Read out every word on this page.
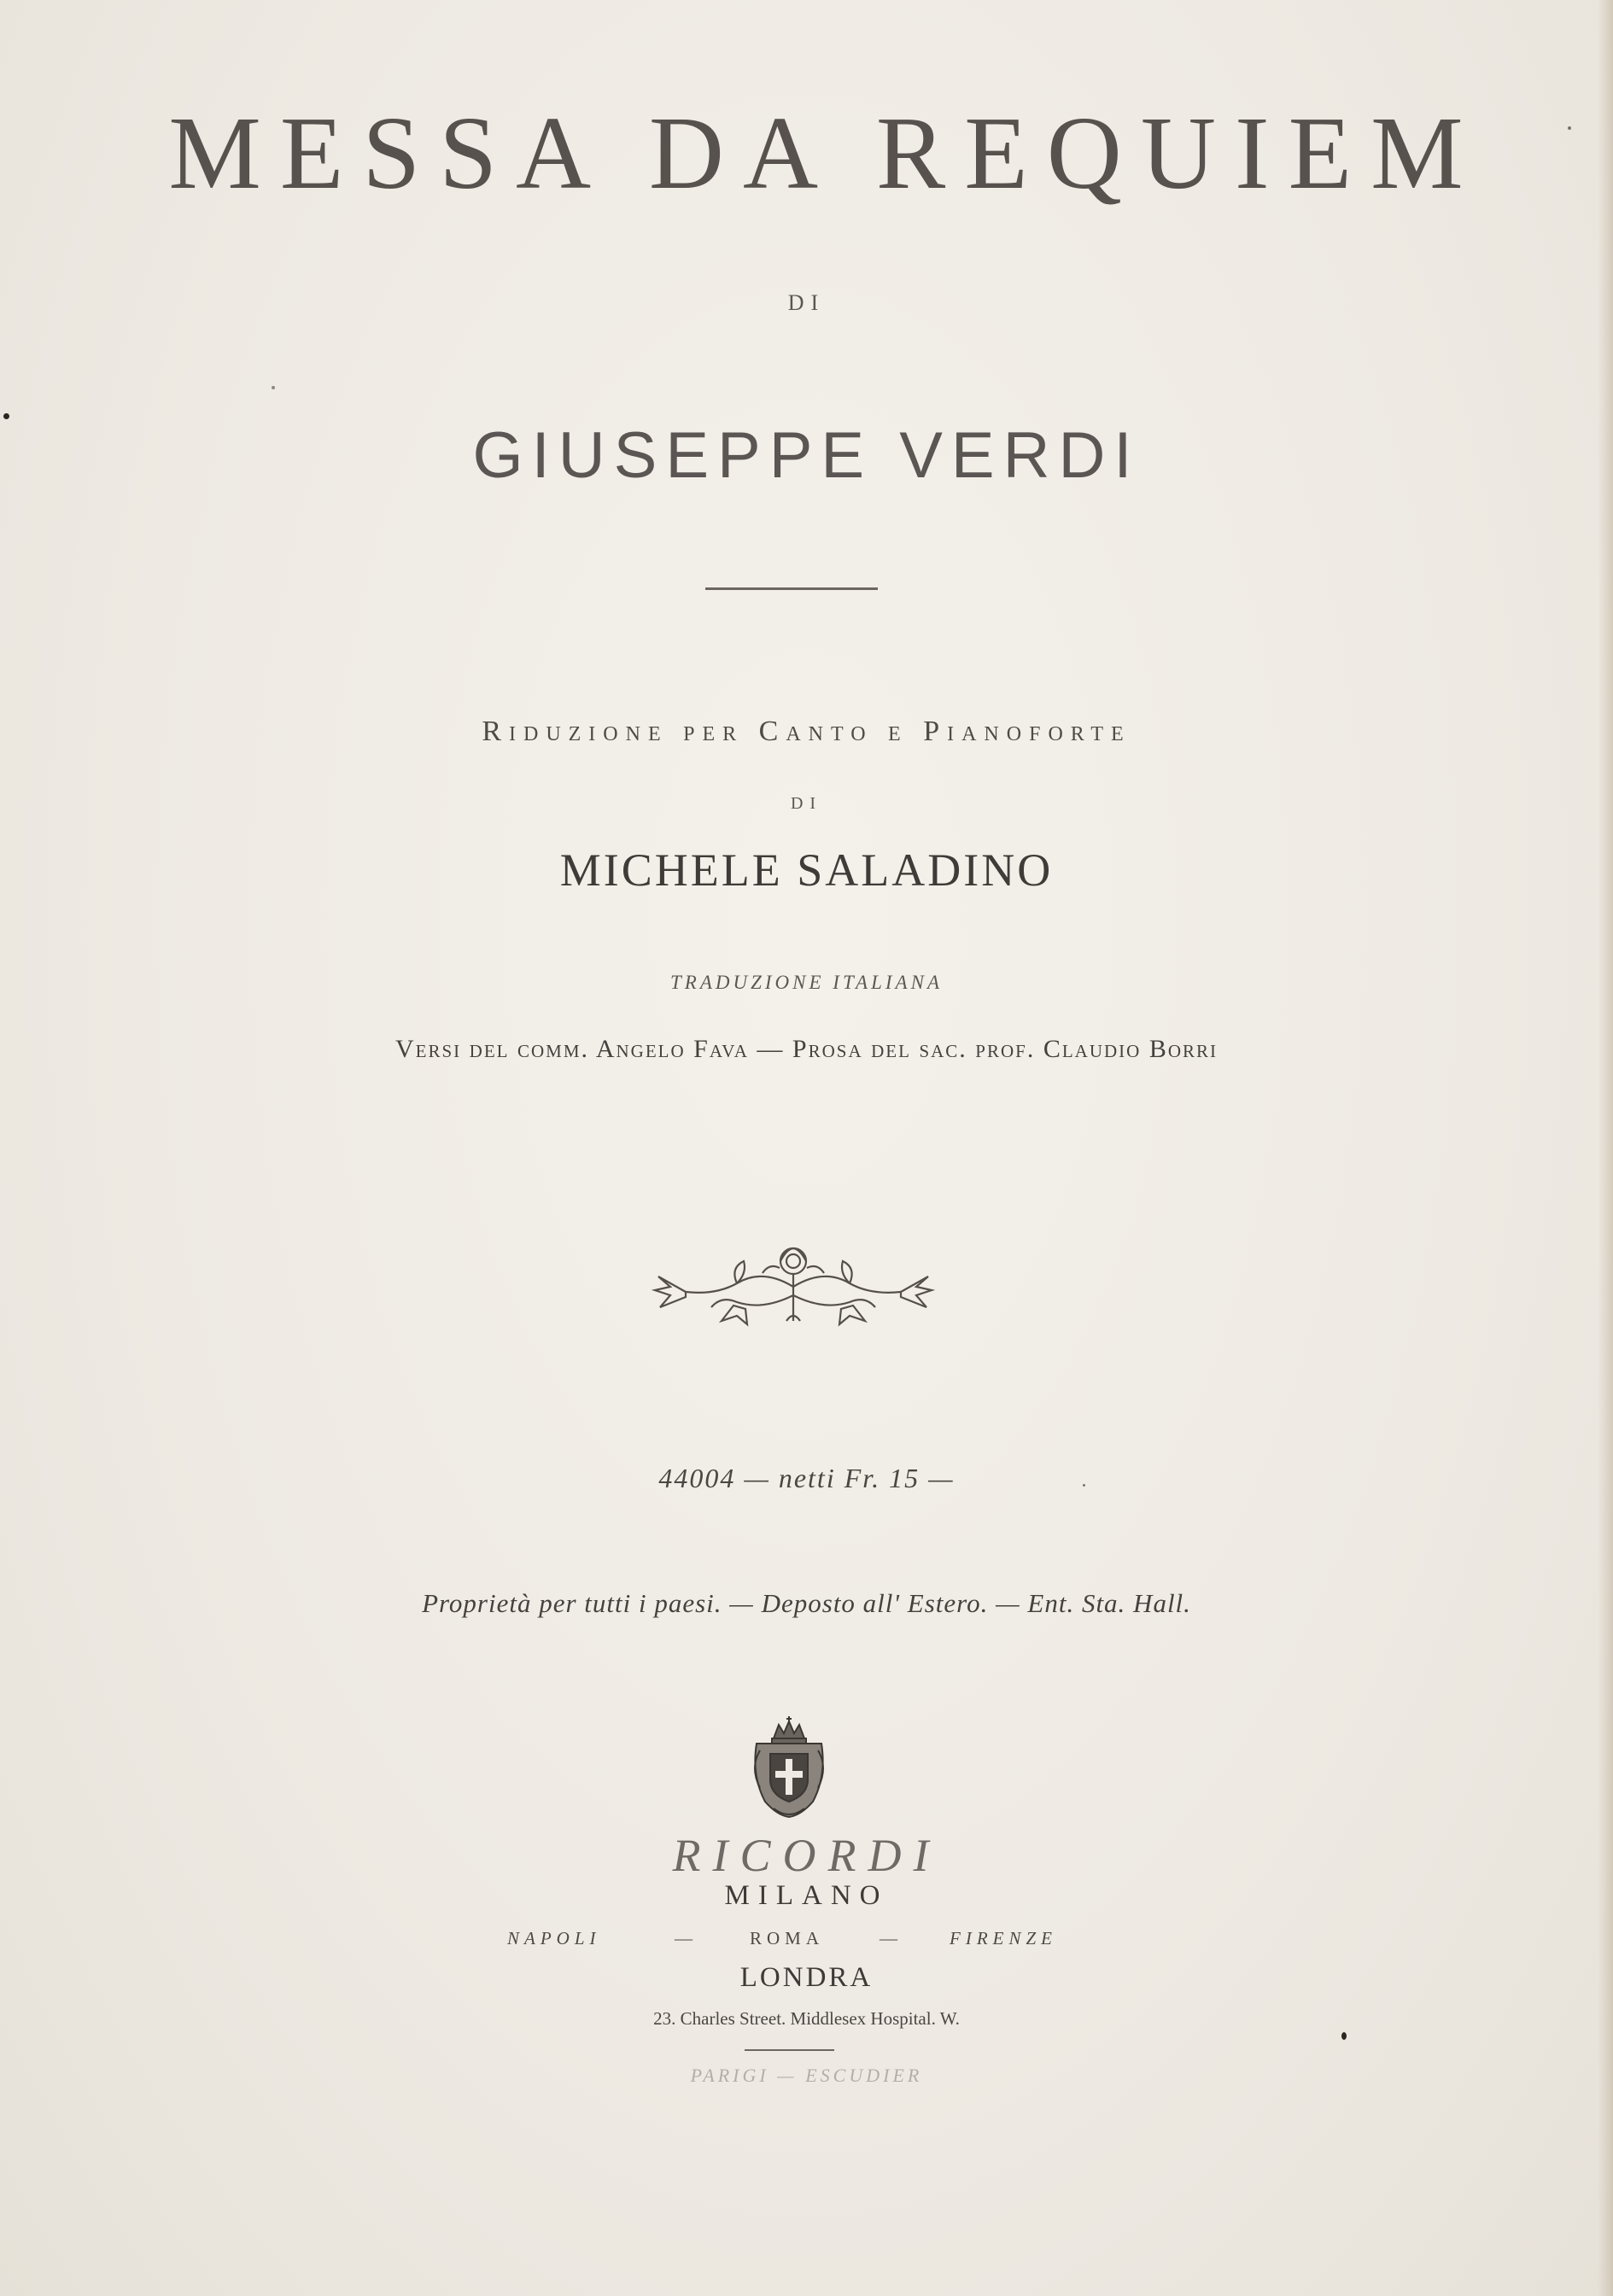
MESSA DA REQUIEM
DI
GIUSEPPE VERDI
Riduzione per Canto e Pianoforte
DI
MICHELE SALADINO
TRADUZIONE ITALIANA
Versi del comm. Angelo Fava — Prosa del sac. prof. Claudio Borri
44004 — netti Fr. 15 —
Proprietà per tutti i paesi. — Deposto all' Estero. — Ent. Sta. Hall.
RICORDI
MILANO
NAPOLI	—	ROMA	—	FIRENZE
LONDRA
23. Charles Street. Middlesex Hospital. W.
PARIGI — ESCUDIER
